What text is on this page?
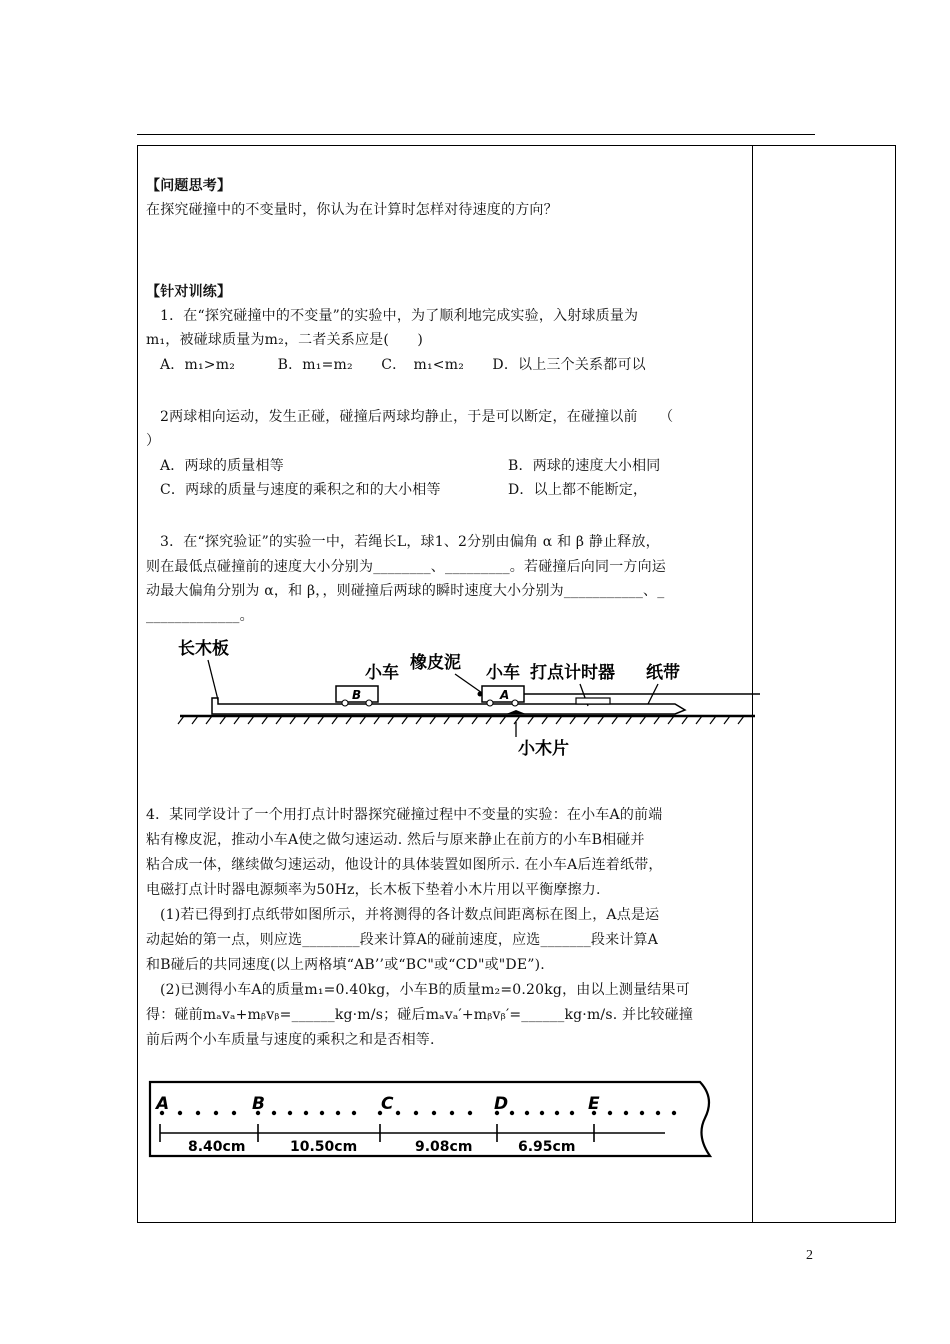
【问题思考】
在探究碰撞中的不变量时，你认为在计算时怎样对待速度的方向？
【针对训练】
1．在“探究碰撞中的不变量”的实验中，为了顺利地完成实验，入射球质量为
m₁，被碰球质量为m₂，二者关系应是(　　)
A．m₁>m₂　　　B．m₁=m₂　　C．　m₁<m₂　　D．以上三个关系都可以
2两球相向运动，发生正碰，碰撞后两球均静止，于是可以断定，在碰撞以前　　（
）
A．两球的质量相等	B．两球的速度大小相同
C．两球的质量与速度的乘积之和的大小相等	D．以上都不能断定，
3．在“探究验证”的实验一中，若绳长L，球1、2分别由偏角 α 和 β 静止释放，
则在最低点碰撞前的速度大小分别为________、_________。若碰撞后向同一方向运
动最大偏角分别为 α，和 β，，则碰撞后两球的瞬时速度大小分别为___________、_
_____________。
长木板
小车 橡皮泥 小车 打点计时器 纸带
小木片
B	A
4．某同学设计了一个用打点计时器探究碰撞过程中不变量的实验：在小车A的前端
粘有橡皮泥，推动小车A使之做匀速运动. 然后与原来静止在前方的小车B相碰并
粘合成一体，继续做匀速运动，他设计的具体装置如图所示. 在小车A后连着纸带，
电磁打点计时器电源频率为50Hz，长木板下垫着小木片用以平衡摩擦力.
(1)若已得到打点纸带如图所示，并将测得的各计数点间距离标在图上，A点是运
动起始的第一点，则应选________段来计算A的碰前速度，应选_______段来计算A
和B碰后的共同速度(以上两格填“AB’’或“BC"或“CD"或"DE”).
(2)已测得小车A的质量m₁=0.40kg，小车B的质量m₂=0.20kg，由以上测量结果可
得：碰前mₐvₐ+mᵦvᵦ=______kg·m/s；碰后mₐvₐ′+mᵦvᵦ′=______kg·m/s. 并比较碰撞
前后两个小车质量与速度的乘积之和是否相等.
A	B	C	D	E
8.40cm	10.50cm	9.08cm	6.95cm
2
